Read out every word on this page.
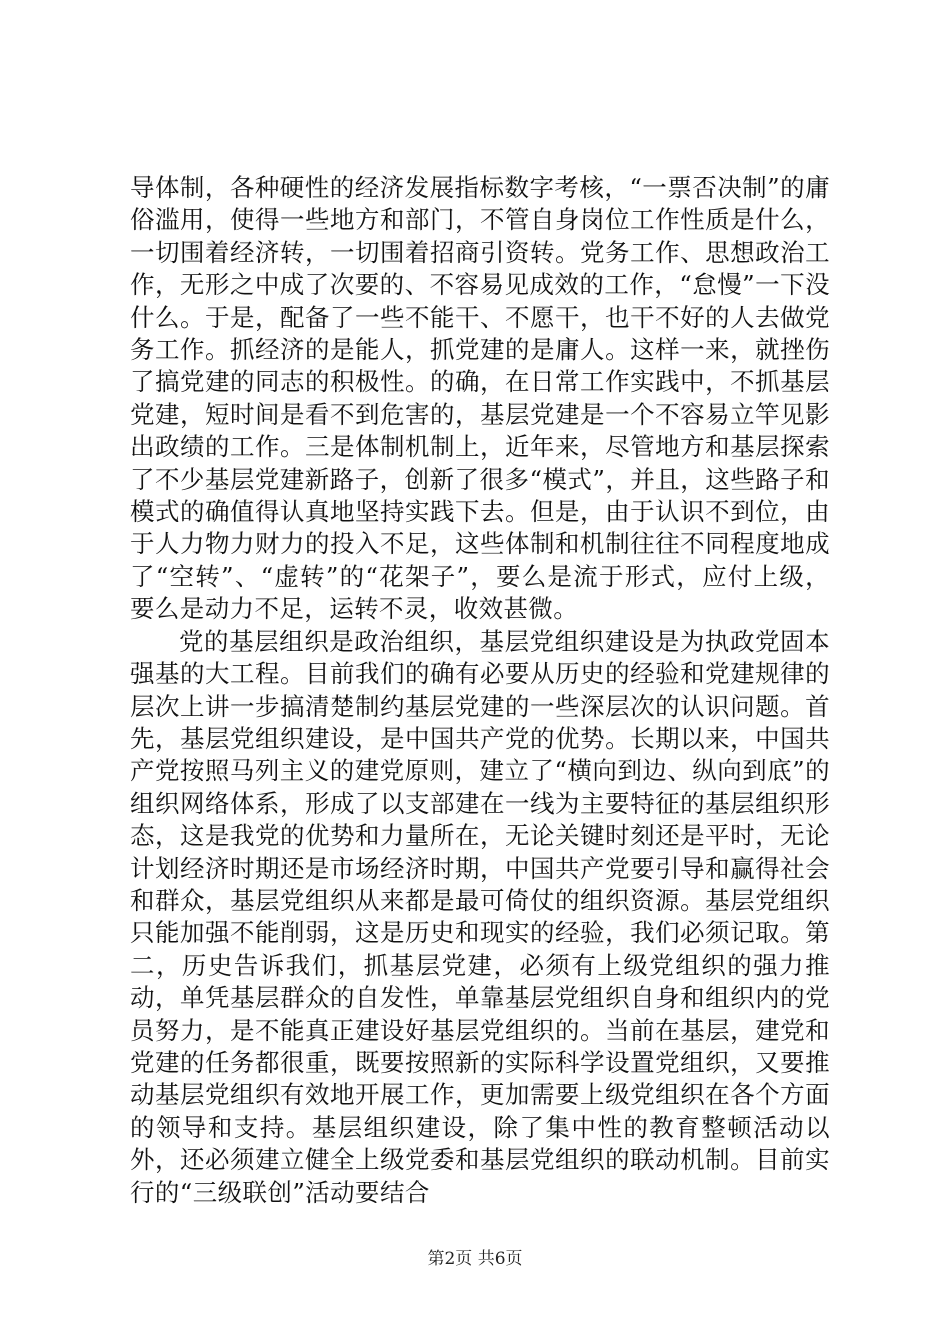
导体制，各种硬性的经济发展指标数字考核，“一票否决制”的庸俗滥用，使得一些地方和部门，不管自身岗位工作性质是什么，一切围着经济转，一切围着招商引资转。党务工作、思想政治工作，无形之中成了次要的、不容易见成效的工作，“怠慢”一下没什么。于是，配备了一些不能干、不愿干，也干不好的人去做党务工作。抓经济的是能人，抓党建的是庸人。这样一来，就挫伤了搞党建的同志的积极性。的确，在日常工作实践中，不抓基层党建，短时间是看不到危害的，基层党建是一个不容易立竿见影出政绩的工作。三是体制机制上，近年来，尽管地方和基层探索了不少基层党建新路子，创新了很多“模式”，并且，这些路子和模式的确值得认真地坚持实践下去。但是，由于认识不到位，由于人力物力财力的投入不足，这些体制和机制往往不同程度地成了“空转”、“虚转”的“花架子”，要么是流于形式，应付上级，要么是动力不足，运转不灵，收效甚微。

党的基层组织是政治组织，基层党组织建设是为执政党固本强基的大工程。目前我们的确有必要从历史的经验和党建规律的层次上讲一步搞清楚制约基层党建的一些深层次的认识问题。首先，基层党组织建设，是中国共产党的优势。长期以来，中国共产党按照马列主义的建党原则，建立了“横向到边、纵向到底”的组织网络体系，形成了以支部建在一线为主要特征的基层组织形态，这是我党的优势和力量所在，无论关键时刻还是平时，无论计划经济时期还是市场经济时期，中国共产党要引导和赢得社会和群众，基层党组织从来都是最可倚仗的组织资源。基层党组织只能加强不能削弱，这是历史和现实的经验，我们必须记取。第二，历史告诉我们，抓基层党建，必须有上级党组织的强力推动，单凭基层群众的自发性，单靠基层党组织自身和组织内的党员努力，是不能真正建设好基层党组织的。当前在基层，建党和党建的任务都很重，既要按照新的实际科学设置党组织，又要推动基层党组织有效地开展工作，更加需要上级党组织在各个方面的领导和支持。基层组织建设，除了集中性的教育整顿活动以外，还必须建立健全上级党委和基层党组织的联动机制。目前实行的“三级联创”活动要结合

第2页 共6页
